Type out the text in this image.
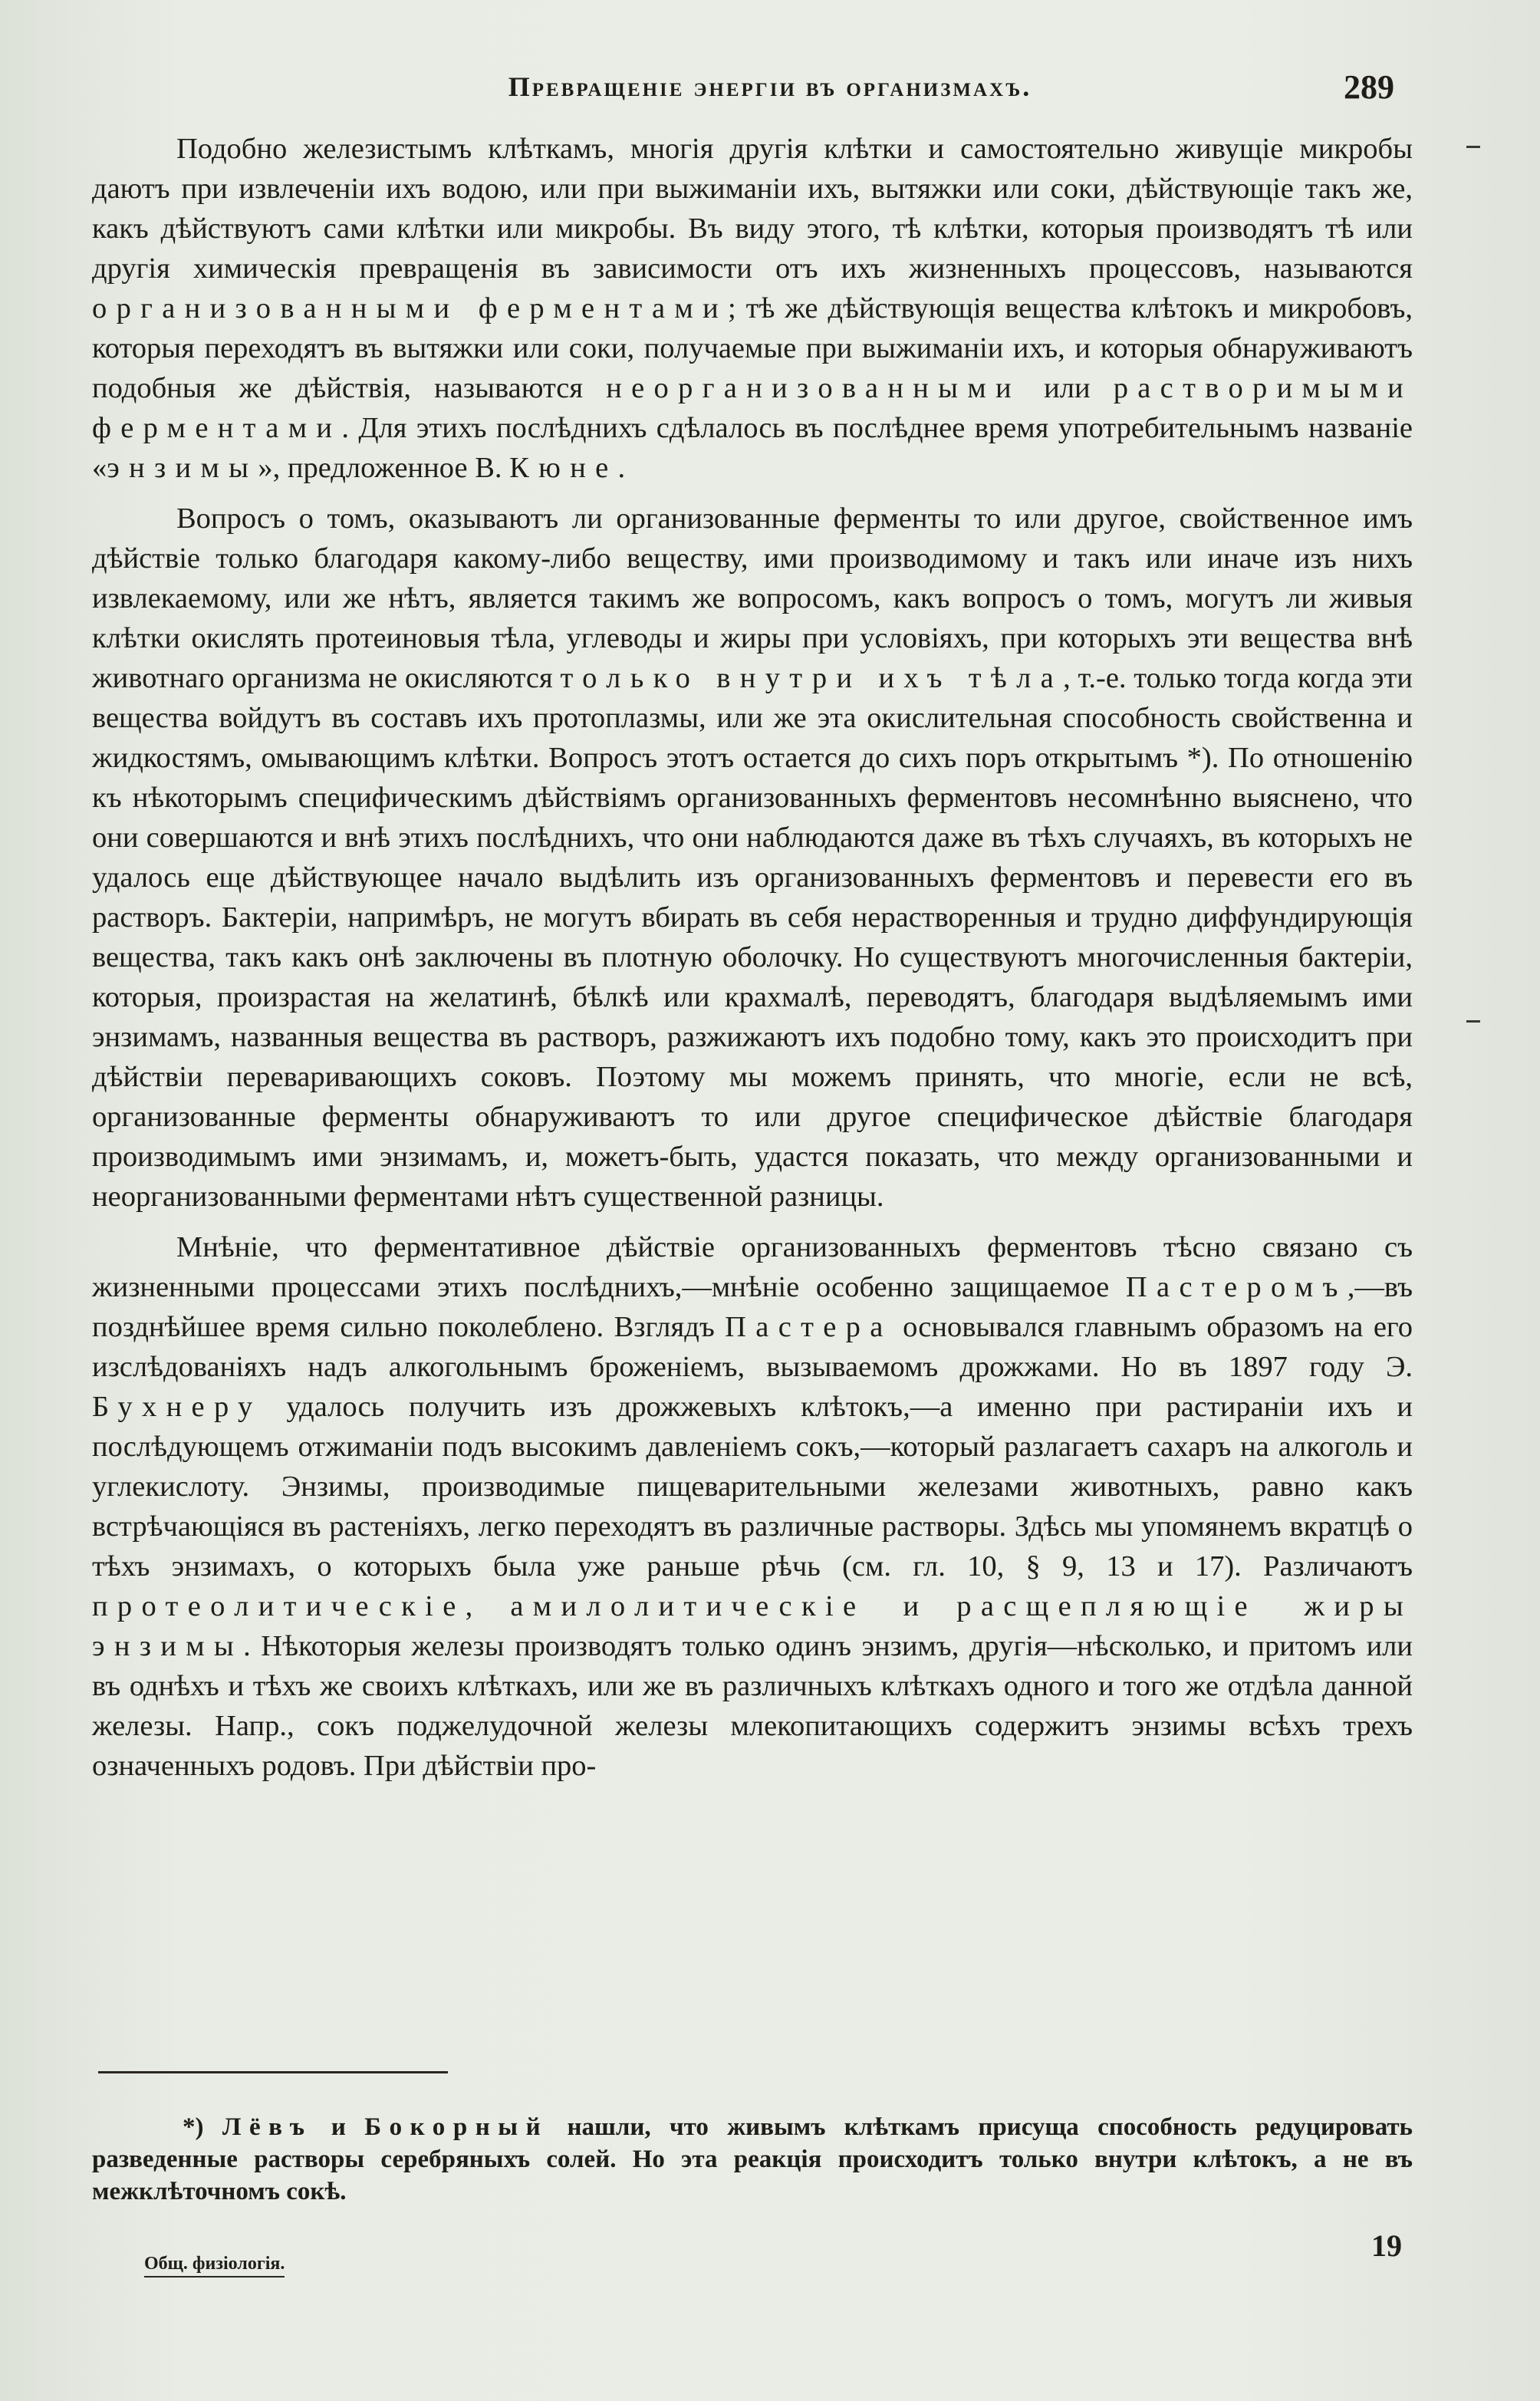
Превращенiе энергiи въ организмахъ.	289

Подобно железистымъ клѣткамъ, многiя другiя клѣтки и самостоятельно живущiе микробы даютъ при извлеченiи ихъ водою, или при выжиманiи ихъ, вытяжки или соки, дѣйствующiе такъ же, какъ дѣйствуютъ сами клѣтки или микробы. Въ виду этого, тѣ клѣтки, которыя производятъ тѣ или другiя химическiя превращенiя въ зависимости отъ ихъ жизненныхъ процессовъ, называются организованными ферментами; тѣ же дѣйствующiя вещества клѣтокъ и микробовъ, которыя переходятъ въ вытяжки или соки, получаемые при выжиманiи ихъ, и которыя обнаруживаютъ подобныя же дѣйствiя, называются неорганизованными или растворимыми ферментами. Для этихъ послѣднихъ сдѣлалось въ послѣднее время употребительнымъ названiе «энзимы», предложенное В. Кюне.

Вопросъ о томъ, оказываютъ ли организованные ферменты то или другое, свойственное имъ дѣйствiе только благодаря какому-либо веществу, ими производимому и такъ или иначе изъ нихъ извлекаемому, или же нѣтъ, является такимъ же вопросомъ, какъ вопросъ о томъ, могутъ ли живыя клѣтки окислять протеиновыя тѣла, углеводы и жиры при условiяхъ, при которыхъ эти вещества внѣ животнаго организма не окисляются только внутри ихъ тѣла, т.-е. только тогда когда эти вещества войдутъ въ составъ ихъ протоплазмы, или же эта окислительная способность свойственна и жидкостямъ, омывающимъ клѣтки. Вопросъ этотъ остается до сихъ поръ открытымъ *). По отношенiю къ нѣкоторымъ специфическимъ дѣйствiямъ организованныхъ ферментовъ несомнѣнно выяснено, что они совершаются и внѣ этихъ послѣднихъ, что они наблюдаются даже въ тѣхъ случаяхъ, въ которыхъ не удалось еще дѣйствующее начало выдѣлить изъ организованныхъ ферментовъ и перевести его въ растворъ. Бактерiи, напримѣръ, не могутъ вбирать въ себя нерастворенныя и трудно диффундирующiя вещества, такъ какъ онѣ заключены въ плотную оболочку. Но существуютъ многочисленныя бактерiи, которыя, произрастая на желатинѣ, бѣлкѣ или крахмалѣ, переводятъ, благодаря выдѣляемымъ ими энзимамъ, названныя вещества въ растворъ, разжижаютъ ихъ подобно тому, какъ это происходитъ при дѣйствiи переваривающихъ соковъ. Поэтому мы можемъ принять, что многiе, если не всѣ, организованные ферменты обнаруживаютъ то или другое специфическое дѣйствiе благодаря производимымъ ими энзимамъ, и, можетъ-быть, удастся показать, что между организованными и неорганизованными ферментами нѣтъ существенной разницы.

Мнѣнiе, что ферментативное дѣйствiе организованныхъ ферментовъ тѣсно связано съ жизненными процессами этихъ послѣднихъ,—мнѣнiе особенно защищаемое Пастеромъ,—въ позднѣйшее время сильно поколебленo. Взглядъ Пастера основывался главнымъ образомъ на его изслѣдованiяхъ надъ алкогольнымъ броженiемъ, вызываемомъ дрожжами. Но въ 1897 году Э. Бухнеру удалось получить изъ дрожжевыхъ клѣтокъ,—а именно при растиранiи ихъ и послѣдующемъ отжиманiи подъ высокимъ давленiемъ сокъ,—который разлагаетъ сахаръ на алкоголь и углекислоту. Энзимы, производимые пищеварительными железами животныхъ, равно какъ встрѣчающiяся въ растенiяхъ, легко переходятъ въ различные растворы. Здѣсь мы упомянемъ вкратцѣ о тѣхъ энзимахъ, о которыхъ была уже раньше рѣчь (см. гл. 10, § 9, 13 и 17). Различаютъ протеолитическiе, амилолитическiе и расщепляющiе жиры энзимы. Нѣкоторыя железы производятъ только одинъ энзимъ, другiя—нѣсколько, и притомъ или въ однѣхъ и тѣхъ же своихъ клѣткахъ, или же въ различныхъ клѣткахъ одного и того же отдѣла данной железы. Напр., сокъ поджелудочной железы млекопитающихъ содержитъ энзимы всѣхъ трехъ означенныхъ родовъ. При дѣйствiи про-

*) Лёвъ и Бокорный нашли, что живымъ клѣткамъ присуща способность редуцировать разведенные растворы серебряныхъ солей. Но эта реакцiя происходитъ только внутри клѣтокъ, а не въ межклѣточномъ сокѣ.

Общ. физiологiя.
19
